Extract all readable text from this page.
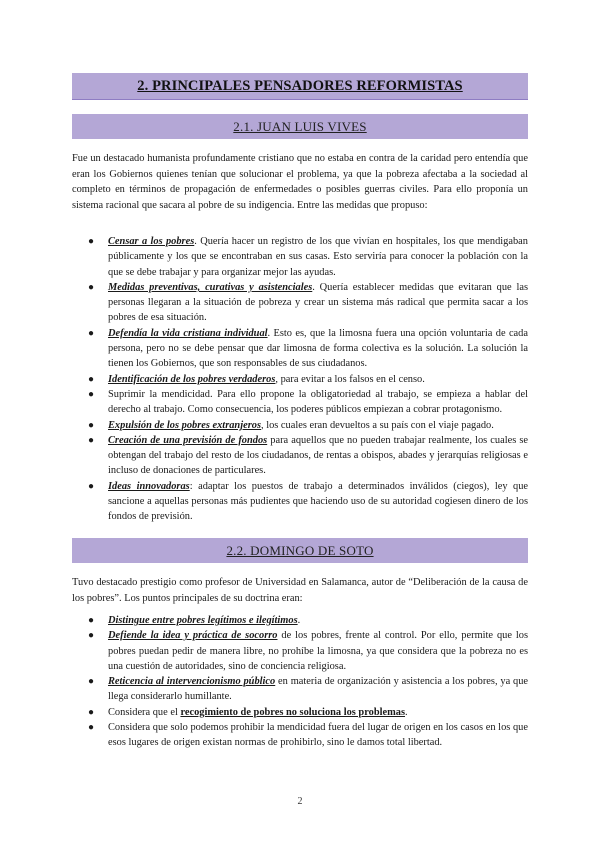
2. PRINCIPALES PENSADORES REFORMISTAS
2.1. JUAN LUIS VIVES

Fue un destacado humanista profundamente cristiano que no estaba en contra de la caridad pero entendía que eran los Gobiernos quienes tenían que solucionar el problema, ya que la pobreza afectaba a la sociedad al completo en términos de propagación de enfermedades o posibles guerras civiles. Para ello proponía un sistema racional que sacara al pobre de su indigencia. Entre las medidas que propuso:

● Censar a los pobres. Quería hacer un registro de los que vivían en hospitales, los que mendigaban públicamente y los que se encontraban en sus casas. Esto serviría para conocer la población con la que se debe trabajar y para organizar mejor las ayudas.
● Medidas preventivas, curativas y asistenciales. Quería establecer medidas que evitaran que las personas llegaran a la situación de pobreza y crear un sistema más radical que permita sacar a los pobres de esa situación.
● Defendía la vida cristiana individual. Esto es, que la limosna fuera una opción voluntaria de cada persona, pero no se debe pensar que dar limosna de forma colectiva es la solución. La solución la tienen los Gobiernos, que son responsables de sus ciudadanos.
● Identificación de los pobres verdaderos, para evitar a los falsos en el censo.
● Suprimir la mendicidad. Para ello propone la obligatoriedad al trabajo, se empieza a hablar del derecho al trabajo. Como consecuencia, los poderes públicos empiezan a cobrar protagonismo.
● Expulsión de los pobres extranjeros, los cuales eran devueltos a su país con el viaje pagado.
● Creación de una previsión de fondos para aquellos que no pueden trabajar realmente, los cuales se obtengan del trabajo del resto de los ciudadanos, de rentas a obispos, abades y jerarquías religiosas e incluso de donaciones de particulares.
● Ideas innovadoras: adaptar los puestos de trabajo a determinados inválidos (ciegos), ley que sancione a aquellas personas más pudientes que haciendo uso de su autoridad cogiesen dinero de los fondos de previsión.
2.2. DOMINGO DE SOTO

Tuvo destacado prestigio como profesor de Universidad en Salamanca, autor de “Deliberación de la causa de los pobres”. Los puntos principales de su doctrina eran:

● Distingue entre pobres legítimos e ilegítimos.
● Defiende la idea y práctica de socorro de los pobres, frente al control. Por ello, permite que los pobres puedan pedir de manera libre, no prohíbe la limosna, ya que considera que la pobreza no es una cuestión de autoridades, sino de conciencia religiosa.
● Reticencia al intervencionismo público en materia de organización y asistencia a los pobres, ya que llega considerarlo humillante.
● Considera que el recogimiento de pobres no soluciona los problemas.
● Considera que solo podemos prohibir la mendicidad fuera del lugar de origen en los casos en los que esos lugares de origen existan normas de prohibirlo, sino le damos total libertad.
2
